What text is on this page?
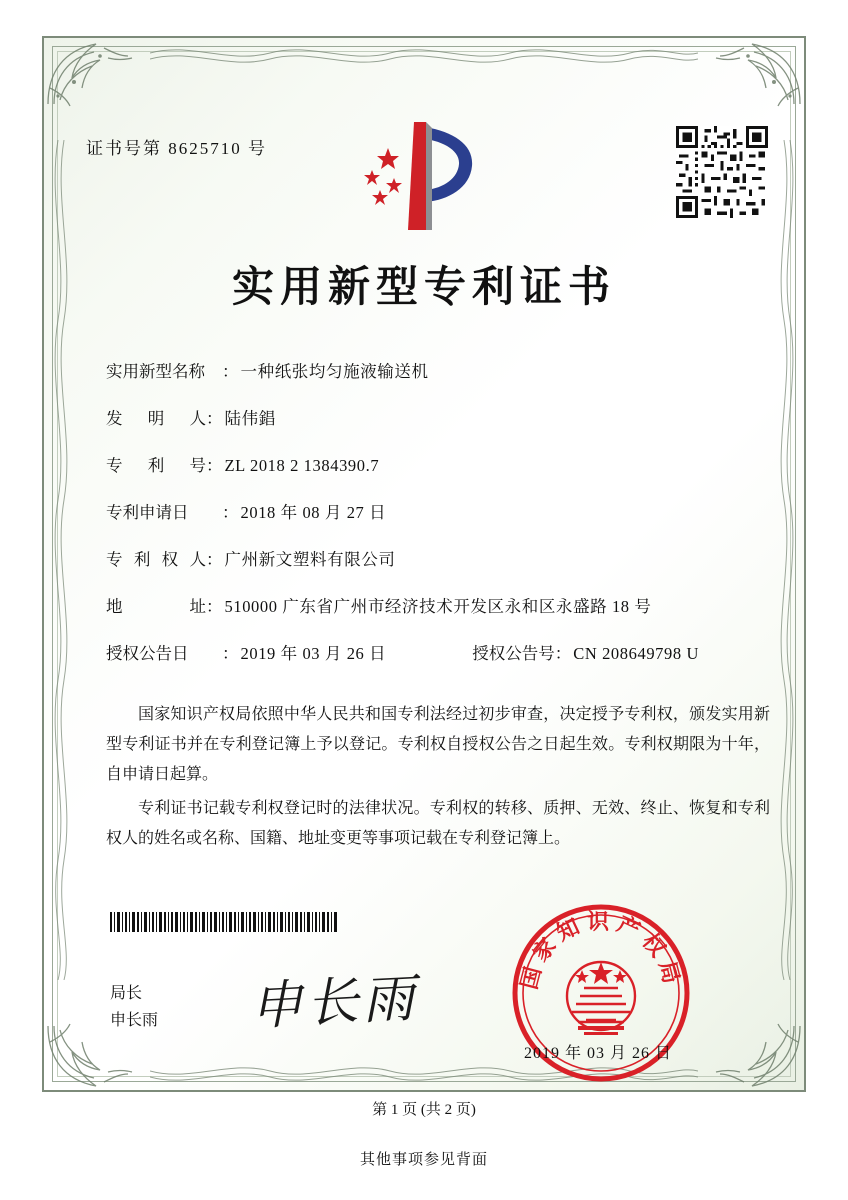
证书号第 8625710 号
实用新型专利证书
实用新型名称	： 一种纸张均匀施液输送机
发明人 ： 陆伟錩
专利号 ： ZL 2018 2 1384390.7
专利申请日	： 2018 年 08 月 27 日
专利权人 ： 广州新文塑料有限公司
地址 ： 510000 广东省广州市经济技术开发区永和区永盛路 18 号
授权公告日	： 2019 年 03 月 26 日	授权公告号 ： CN 208649798 U

国家知识产权局依照中华人民共和国专利法经过初步审查，决定授予专利权，颁发实用新型专利证书并在专利登记簿上予以登记。专利权自授权公告之日起生效。专利权期限为十年，自申请日起算。

专利证书记载专利权登记时的法律状况。专利权的转移、质押、无效、终止、恢复和专利权人的姓名或名称、国籍、地址变更等事项记载在专利登记簿上。

局长
申长雨 申长雨	国家知识产权局
2019 年 03 月 26 日
第 1 页 (共 2 页)
其他事项参见背面
